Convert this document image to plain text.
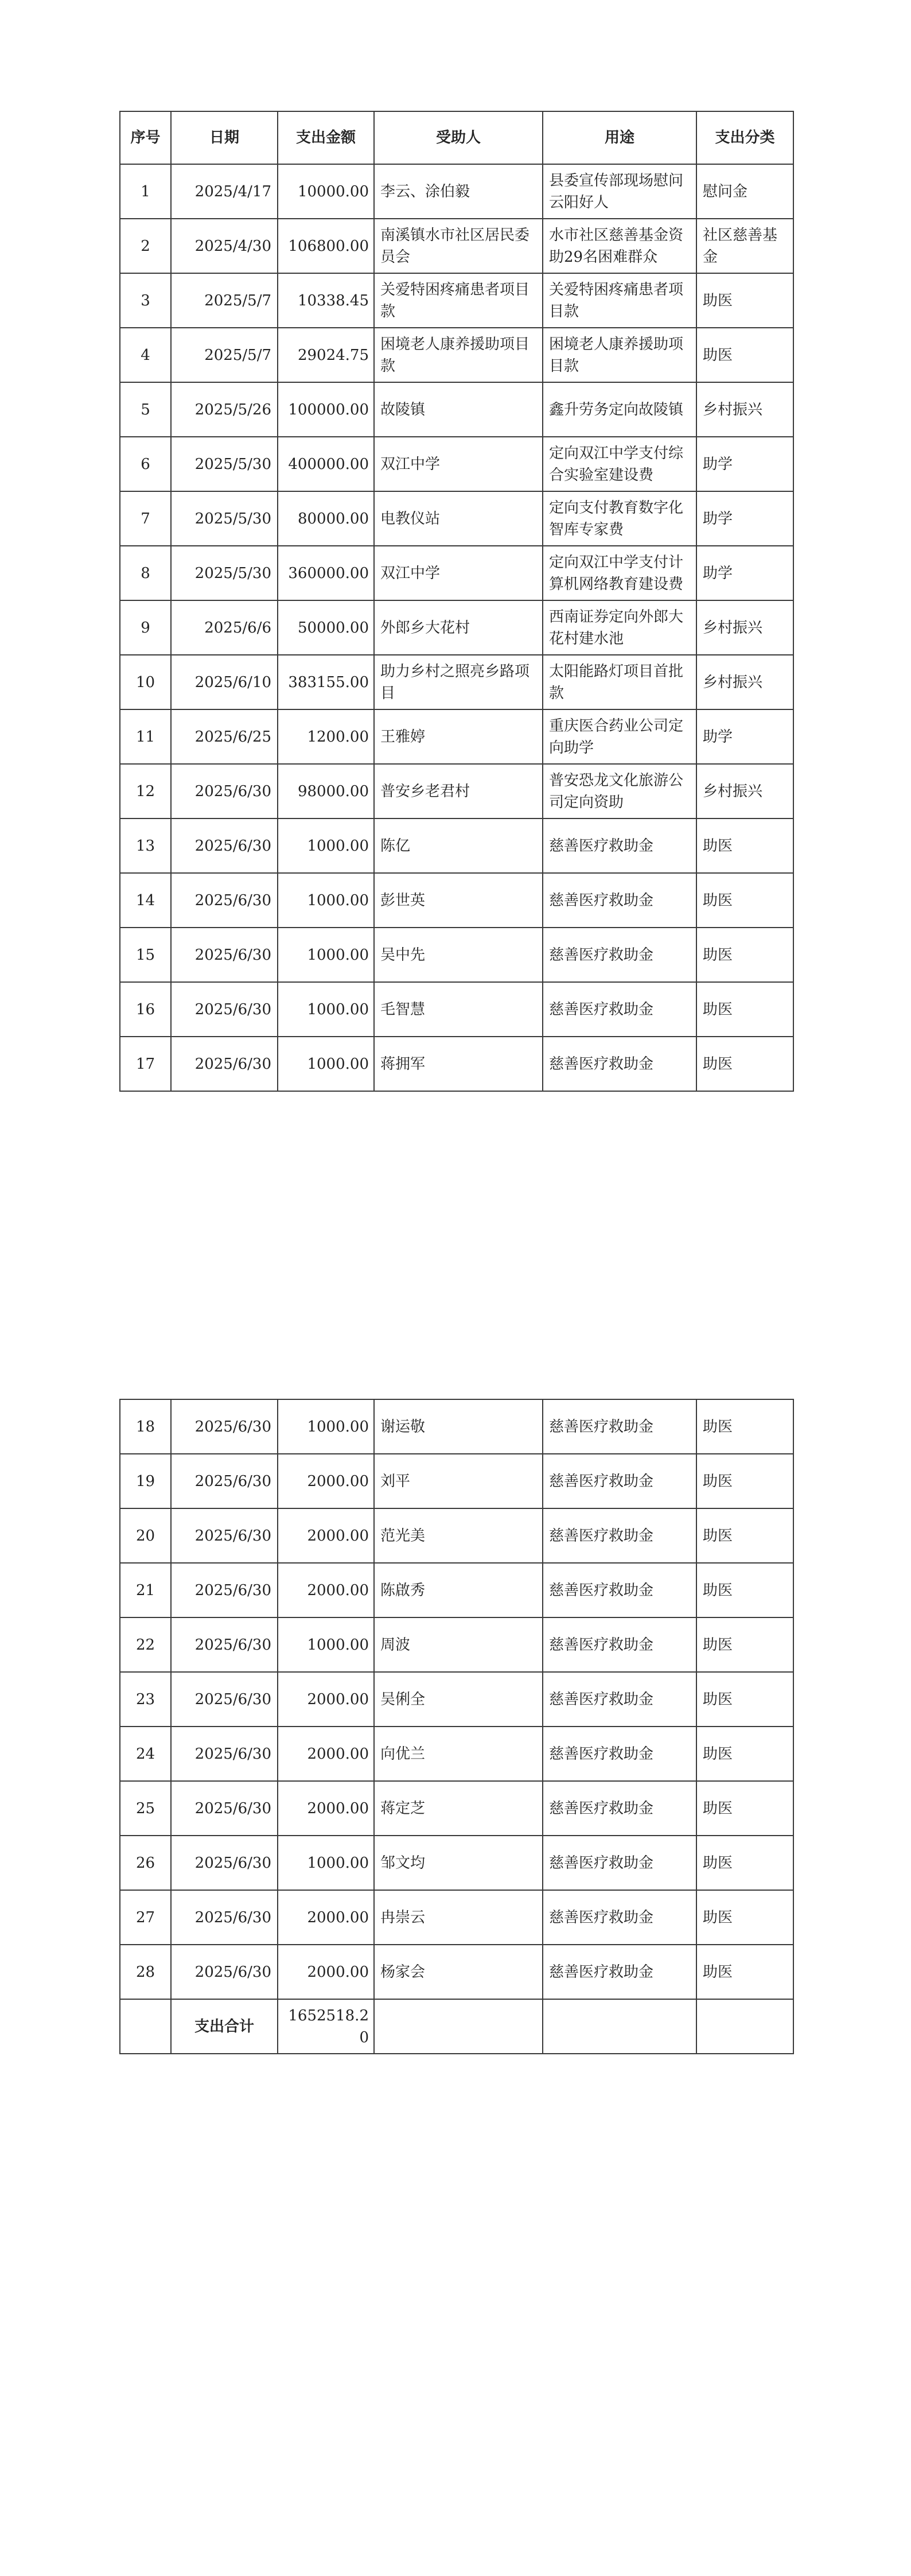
序号	日期	支出金额	受助人	用途	支出分类
1	2025/4/17	10000.00	李云、涂伯毅	县委宣传部现场慰问云阳好人	慰问金
2	2025/4/30	106800.00	南溪镇水市社区居民委员会	水市社区慈善基金资助29名困难群众	社区慈善基金
3	2025/5/7	10338.45	关爱特困疼痛患者项目款	关爱特困疼痛患者项目款	助医
4	2025/5/7	29024.75	困境老人康养援助项目款	困境老人康养援助项目款	助医
5	2025/5/26	100000.00	故陵镇	鑫升劳务定向故陵镇	乡村振兴
6	2025/5/30	400000.00	双江中学	定向双江中学支付综合实验室建设费	助学
7	2025/5/30	80000.00	电教仪站	定向支付教育数字化智库专家费	助学
8	2025/5/30	360000.00	双江中学	定向双江中学支付计算机网络教育建设费	助学
9	2025/6/6	50000.00	外郎乡大花村	西南证券定向外郎大花村建水池	乡村振兴
10	2025/6/10	383155.00	助力乡村之照亮乡路项目	太阳能路灯项目首批款	乡村振兴
11	2025/6/25	1200.00	王雅婷	重庆医合药业公司定向助学	助学
12	2025/6/30	98000.00	普安乡老君村	普安恐龙文化旅游公司定向资助	乡村振兴
13	2025/6/30	1000.00	陈亿	慈善医疗救助金	助医
14	2025/6/30	1000.00	彭世英	慈善医疗救助金	助医
15	2025/6/30	1000.00	吴中先	慈善医疗救助金	助医
16	2025/6/30	1000.00	毛智慧	慈善医疗救助金	助医
17	2025/6/30	1000.00	蒋拥军	慈善医疗救助金	助医
18	2025/6/30	1000.00	谢运敬	慈善医疗救助金	助医
19	2025/6/30	2000.00	刘平	慈善医疗救助金	助医
20	2025/6/30	2000.00	范光美	慈善医疗救助金	助医
21	2025/6/30	2000.00	陈啟秀	慈善医疗救助金	助医
22	2025/6/30	1000.00	周波	慈善医疗救助金	助医
23	2025/6/30	2000.00	吴俐全	慈善医疗救助金	助医
24	2025/6/30	2000.00	向优兰	慈善医疗救助金	助医
25	2025/6/30	2000.00	蒋定芝	慈善医疗救助金	助医
26	2025/6/30	1000.00	邹文均	慈善医疗救助金	助医
27	2025/6/30	2000.00	冉崇云	慈善医疗救助金	助医
28	2025/6/30	2000.00	杨家会	慈善医疗救助金	助医
	支出合计	1652518.20			
